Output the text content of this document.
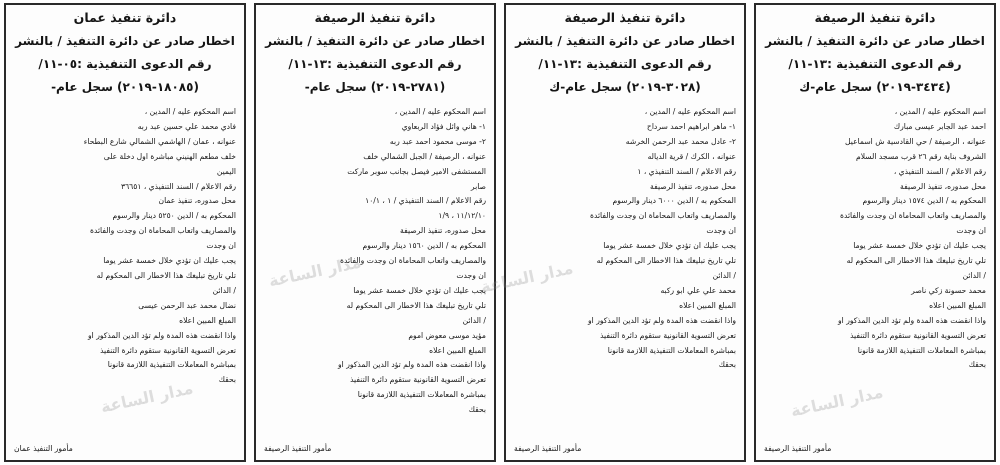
دائرة تنفيذ الرصيفة
اخطار صادر عن دائرة التنفيذ / بالنشر
رقم الدعوى التنفيذية :١٣-١١/
(٣٤٣٤-٢٠١٩) سجل عام-ك
اسم المحكوم عليه / المدين ،
احمد عبد الجابر عيسى مبارك
عنوانه ، الرصيفة / حي القادسية ش اسماعيل
الشروف بناية رقم ٢٦ قرب مسجد السلام
رقم الاعلام / السند التنفيذي ،
محل صدوره، تنفيذ الرصيفة
المحكوم به / الدين ١٥٧٤ دينار والرسوم
والمصاريف واتعاب المحاماة ان وجدت والفائدة
ان وجدت
يجب عليك ان تؤدي خلال خمسة عشر يوما
تلي تاريخ تبليغك هذا الاخطار الى المحكوم له
/ الدائن
محمد حسونة زكي ناصر
المبلغ المبين اعلاه
واذا انقضت هذه المدة ولم تؤد الدين المذكور او
تعرض التسوية القانونية ستقوم دائرة التنفيذ
بمباشرة المعاملات التنفيذية اللازمة قانونا
بحقك
مأمور التنفيذ الرصيفة
دائرة تنفيذ الرصيفة
اخطار صادر عن دائرة التنفيذ / بالنشر
رقم الدعوى التنفيذية :١٣-١١/
(٣٠٢٨-٢٠١٩) سجل عام-ك
اسم المحكوم عليه / المدين ،
١- ماهر ابراهيم احمد سرداح
٢- عادل محمد عبد الرحمن الخرشه
عنوانه ، الكرك / قرية الدياله
رقم الاعلام / السند التنفيذي ، ١
محل صدوره، تنفيذ الرصيفة
المحكوم به / الدين ٦٠٠٠ دينار والرسوم
والمصاريف واتعاب المحاماة ان وجدت والفائدة
ان وجدت
يجب عليك ان تؤدي خلال خمسة عشر يوما
تلي تاريخ تبليغك هذا الاخطار الى المحكوم له
/ الدائن
محمد علي علي ابو ركبه
المبلغ المبين اعلاه
واذا انقضت هذه المدة ولم تؤد الدين المذكور او
تعرض التسوية القانونية ستقوم دائرة التنفيذ
بمباشرة المعاملات التنفيذية اللازمة قانونا
بحقك
مأمور التنفيذ الرصيفة
دائرة تنفيذ الرصيفة
اخطار صادر عن دائرة التنفيذ / بالنشر
رقم الدعوى التنفيذية :١٣-١١/
(٢٧٨١-٢٠١٩) سجل عام-
اسم المحكوم عليه / المدين ،
١- هاني وائل فؤاد الربعاوي
٢- موسى محمود احمد عبد ربه
عنوانه ، الرصيفة / الجبل الشمالي خلف
المستشفى الامير فيصل بجانب سوبر ماركت
صابر
رقم الاعلام / السند التنفيذي / ١ ، ١٠/١
١١/١٢/١٠ ، ١/٩
محل صدوره، تنفيذ الرصيفة
المحكوم به / الدين ١٥٦٠ دينار والرسوم
والمصاريف واتعاب المحاماة ان وجدت والفائدة
ان وجدت
يجب عليك ان تؤدي خلال خمسة عشر يوما
تلي تاريخ تبليغك هذا الاخطار الى المحكوم له
/ الدائن
مؤيد موسى معوض اموم
المبلغ المبين اعلاه
واذا انقضت هذه المدة ولم تؤد الدين المذكور او
تعرض التسوية القانونية ستقوم دائرة التنفيذ
بمباشرة المعاملات التنفيذية اللازمة قانونا
بحقك
مأمور التنفيذ الرصيفة
دائرة تنفيذ عمان
اخطار صادر عن دائرة التنفيذ / بالنشر
رقم الدعوى التنفيذية :٠٥-١١/
(١٨٠٨٥-٢٠١٩) سجل عام-
اسم المحكوم عليه / المدين ،
فادي محمد علي حسين عبد ربه
عنوانه ، عمان / الهاشمي الشمالي شارع البطحاء
خلف مطعم الهنيني مباشرة اول دخلة على
اليمين
رقم الاعلام / السند التنفيذي ، ٣٦٦٥١
محل صدوره، تنفيذ عمان
المحكوم به / الدين ٥٢٥٠ دينار والرسوم
والمصاريف واتعاب المحاماة ان وجدت والفائدة
ان وجدت
يجب عليك ان تؤدي خلال خمسة عشر يوما
تلي تاريخ تبليغك هذا الاخطار الى المحكوم له
/ الدائن
نضال محمد عبد الرحمن عيسى
المبلغ المبين اعلاه
واذا انقضت هذه المدة ولم تؤد الدين المذكور او
تعرض التسوية القانونية ستقوم دائرة التنفيذ
بمباشرة المعاملات التنفيذية اللازمة قانونا
بحقك
مأمور التنفيذ عمان
مدار الساعة	مدار الساعة
مدار الساعة	مدار الساعة
